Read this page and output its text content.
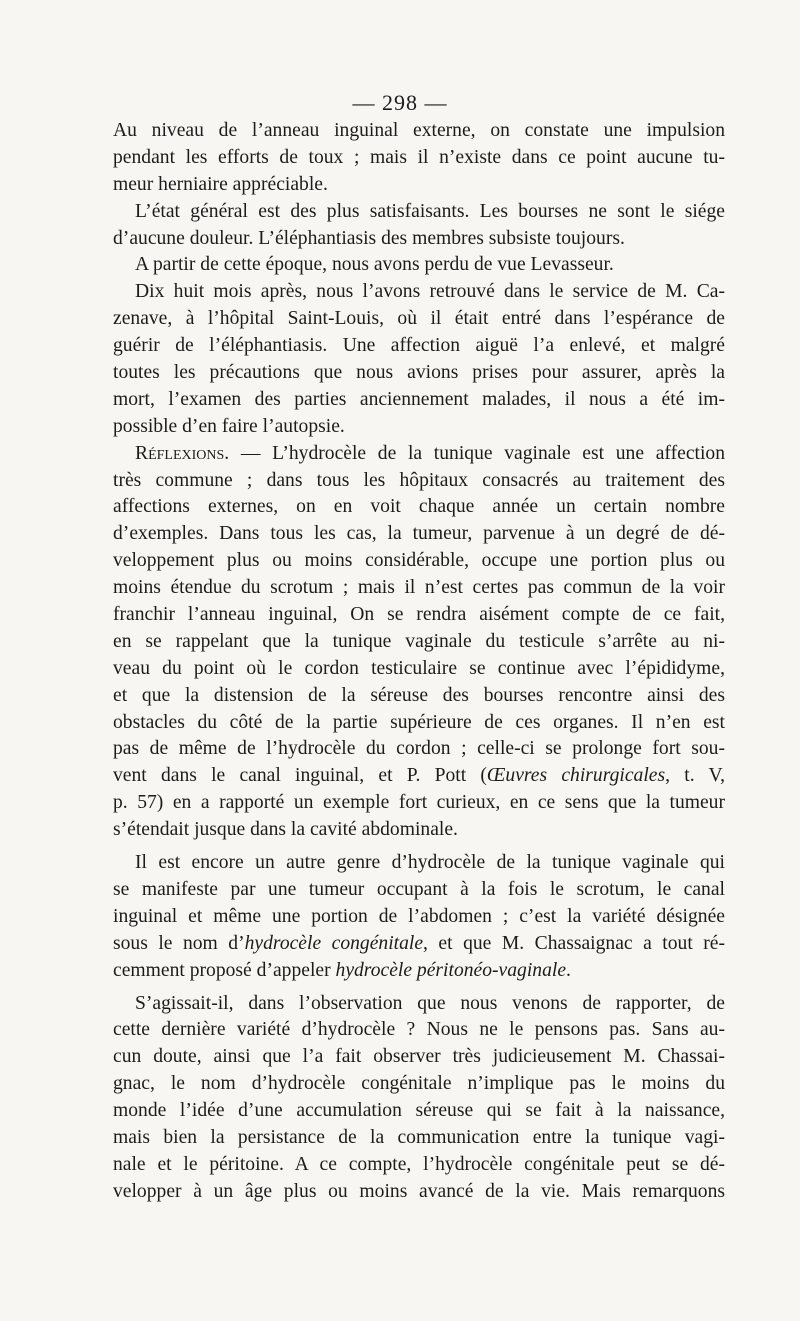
— 298 —
Au niveau de l’anneau inguinal externe, on constate une impulsion
pendant les efforts de toux ; mais il n’existe dans ce point aucune tu-
meur herniaire appréciable.
L’état général est des plus satisfaisants. Les bourses ne sont le siége
d’aucune douleur. L’éléphantiasis des membres subsiste toujours.
A partir de cette époque, nous avons perdu de vue Levasseur.
Dix huit mois après, nous l’avons retrouvé dans le service de M. Ca-
zenave, à l’hôpital Saint-Louis, où il était entré dans l’espérance de
guérir de l’éléphantiasis. Une affection aiguë l’a enlevé, et malgré
toutes les précautions que nous avions prises pour assurer, après la
mort, l’examen des parties anciennement malades, il nous a été im-
possible d’en faire l’autopsie.
Réflexions. — L’hydrocèle de la tunique vaginale est une affection
très commune ; dans tous les hôpitaux consacrés au traitement des
affections externes, on en voit chaque année un certain nombre
d’exemples. Dans tous les cas, la tumeur, parvenue à un degré de dé-
veloppement plus ou moins considérable, occupe une portion plus ou
moins étendue du scrotum ; mais il n’est certes pas commun de la voir
franchir l’anneau inguinal, On se rendra aisément compte de ce fait,
en se rappelant que la tunique vaginale du testicule s’arrête au ni-
veau du point où le cordon testiculaire se continue avec l’épididyme,
et que la distension de la séreuse des bourses rencontre ainsi des
obstacles du côté de la partie supérieure de ces organes. Il n’en est
pas de même de l’hydrocèle du cordon ; celle-ci se prolonge fort sou-
vent dans le canal inguinal, et P. Pott (Œuvres chirurgicales, t. V,
p. 57) en a rapporté un exemple fort curieux, en ce sens que la tumeur
s’étendait jusque dans la cavité abdominale.
Il est encore un autre genre d’hydrocèle de la tunique vaginale qui
se manifeste par une tumeur occupant à la fois le scrotum, le canal
inguinal et même une portion de l’abdomen ; c’est la variété désignée
sous le nom d’hydrocèle congénitale, et que M. Chassaignac a tout ré-
cemment proposé d’appeler hydrocèle péritonéo-vaginale.
S’agissait-il, dans l’observation que nous venons de rapporter, de
cette dernière variété d’hydrocèle ? Nous ne le pensons pas. Sans au-
cun doute, ainsi que l’a fait observer très judicieusement M. Chassai-
gnac, le nom d’hydrocèle congénitale n’implique pas le moins du
monde l’idée d’une accumulation séreuse qui se fait à la naissance,
mais bien la persistance de la communication entre la tunique vagi-
nale et le péritoine. A ce compte, l’hydrocèle congénitale peut se dé-
velopper à un âge plus ou moins avancé de la vie. Mais remarquons
